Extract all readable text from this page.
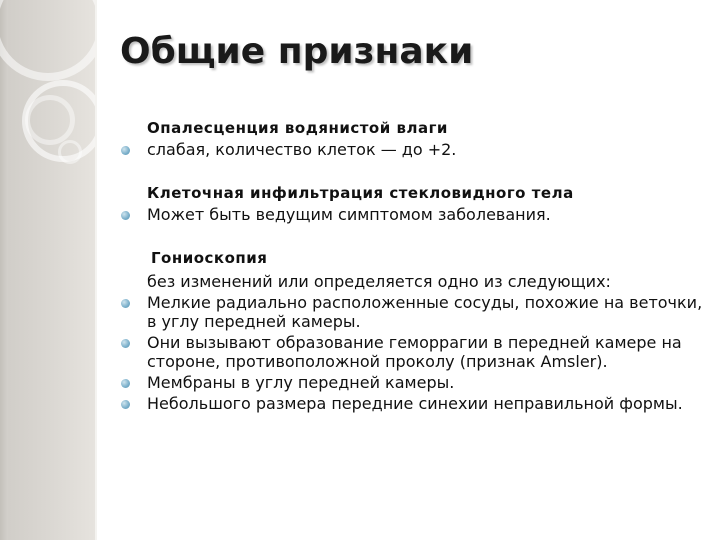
Общие признаки
Опалесценция водянистой влаги
слабая, количество клеток — до +2.
Клеточная инфильтрация стекловидного тела
Может быть ведущим симптомом заболевания.
Гониоскопия
без изменений или определяется одно из следующих:
Мелкие радиально расположенные сосуды, похожие на веточки, в углу передней камеры.
Они вызывают образование геморрагии в передней камере на стороне, противоположной проколу (признак Amsler).
Мембраны в углу передней камеры.
Небольшого размера передние синехии неправильной формы.
